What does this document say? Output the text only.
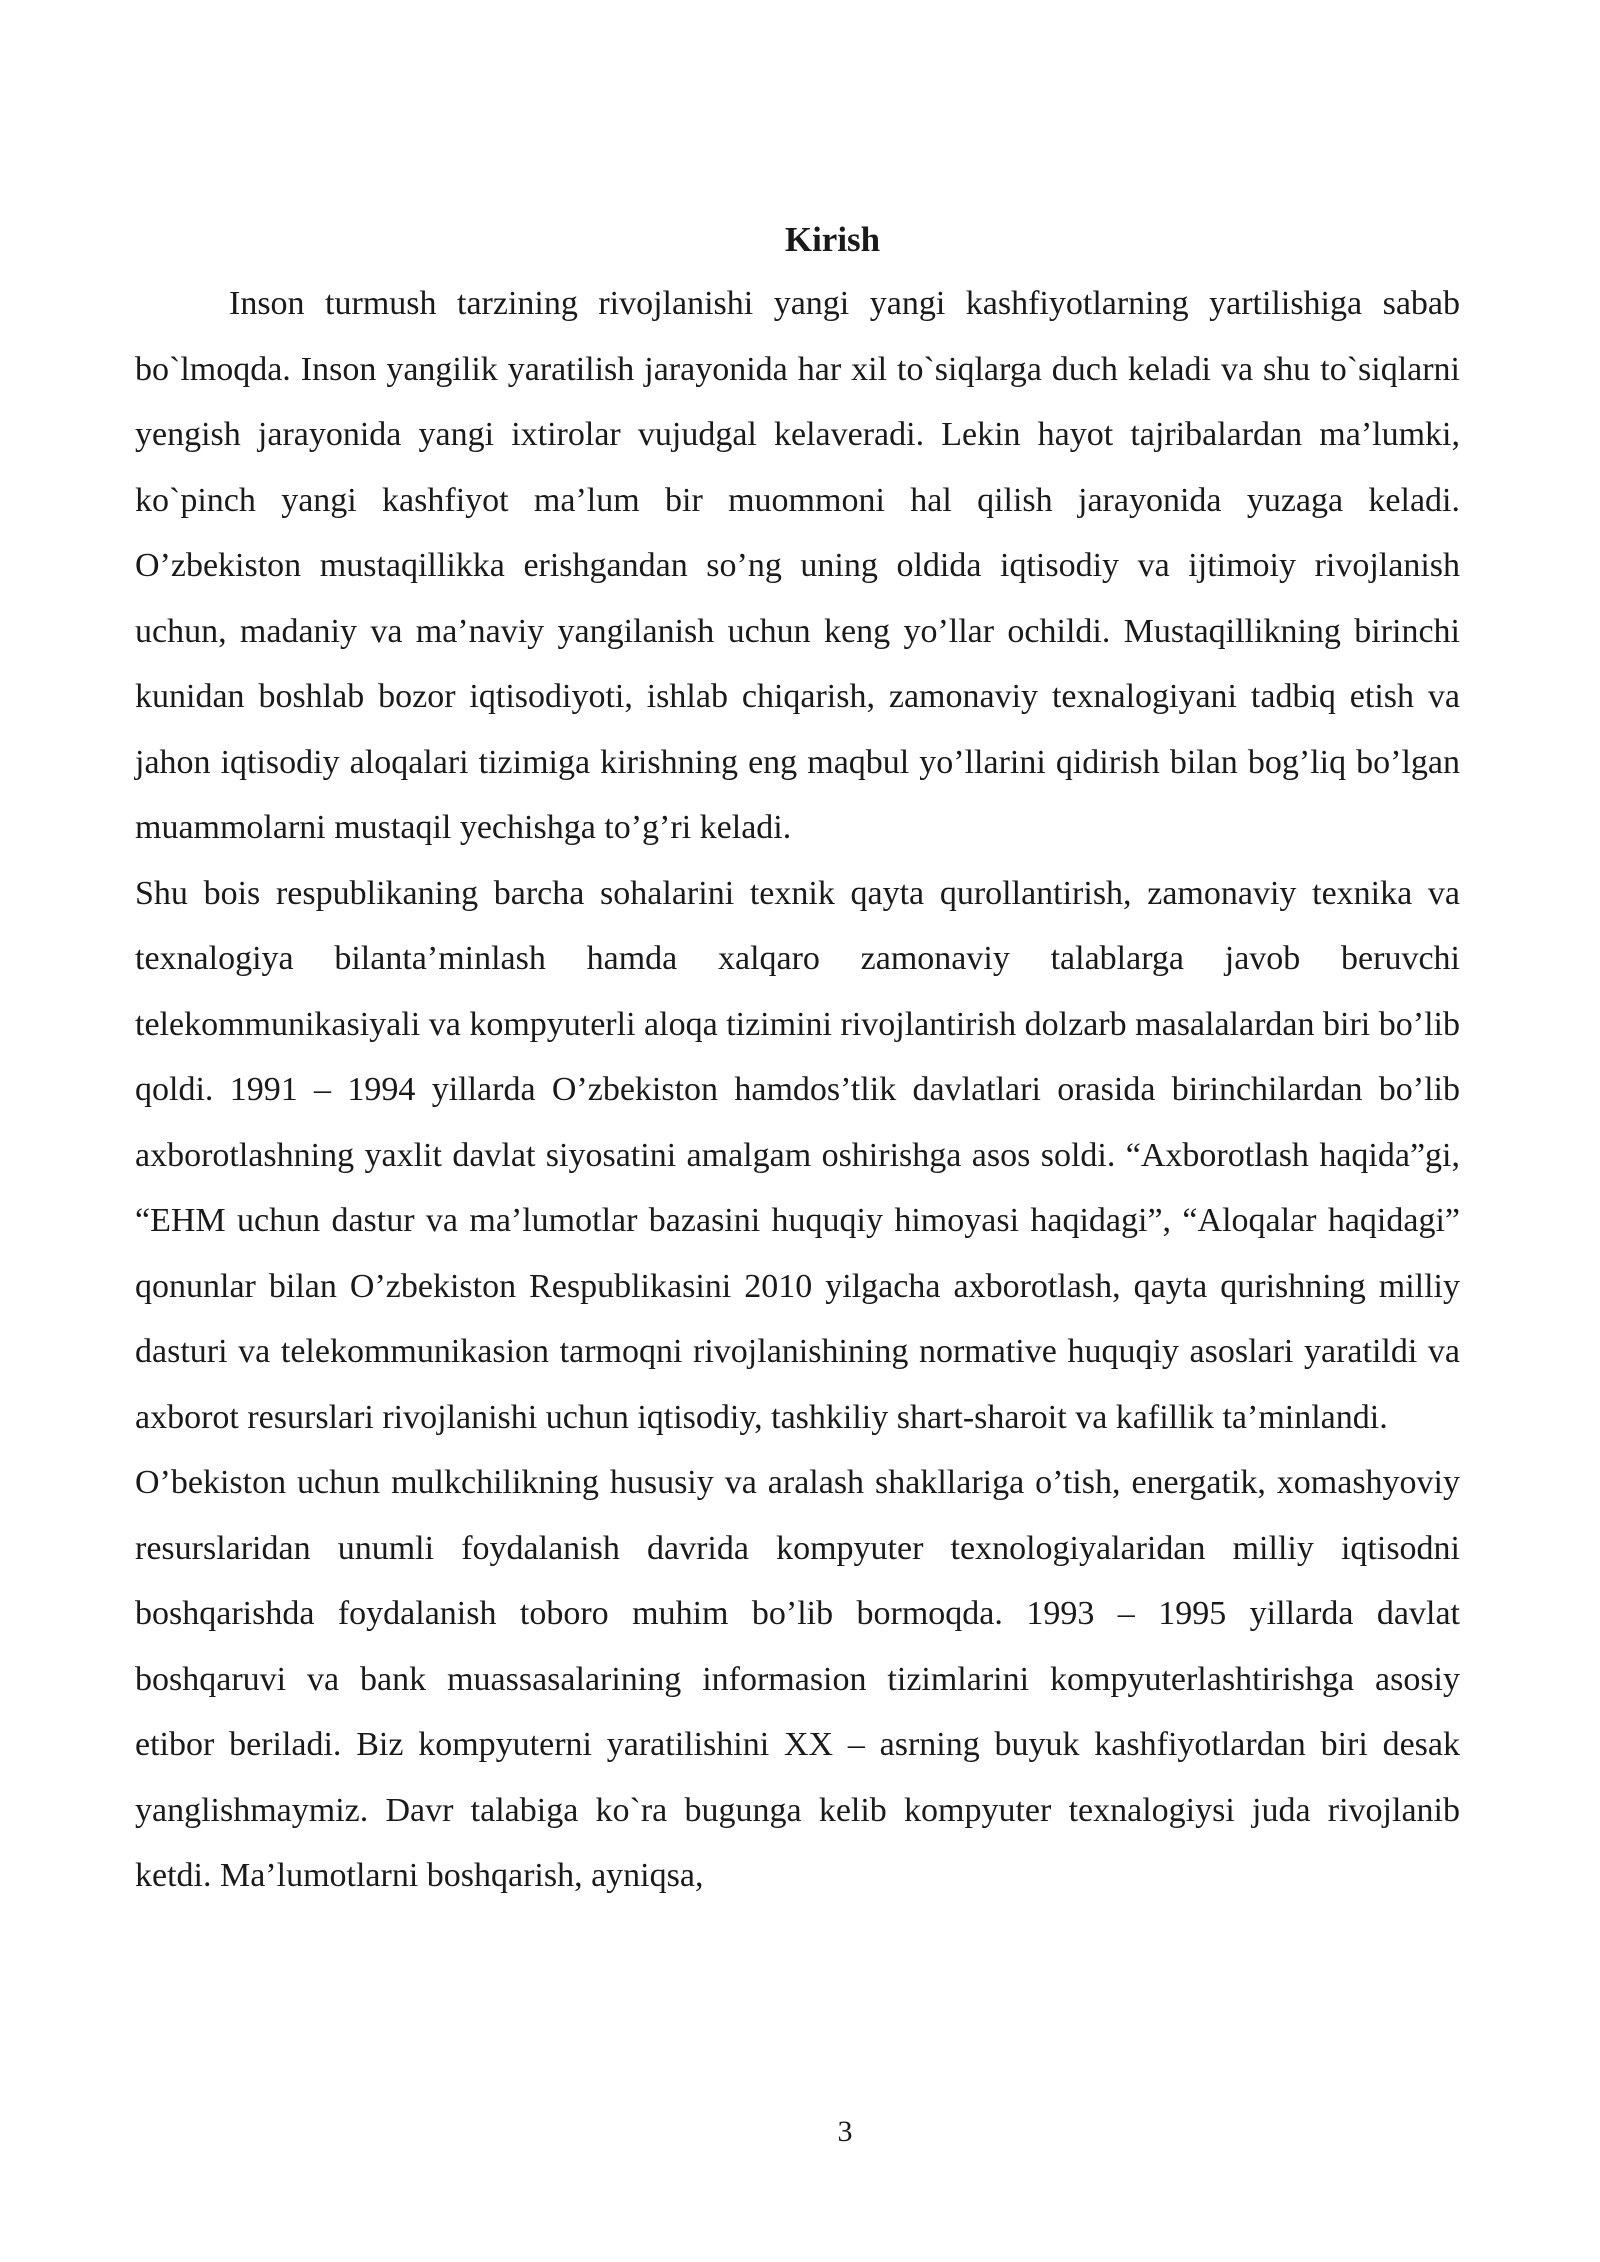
Kirish

Inson turmush tarzining rivojlanishi yangi yangi kashfiyotlarning yartilishiga sabab bo`lmoqda. Inson yangilik yaratilish jarayonida har xil to`siqlarga duch keladi va shu to`siqlarni yengish jarayonida yangi ixtirolar vujudgal kelaveradi. Lekin hayot tajribalardan ma’lumki, ko`pinch yangi kashfiyot ma’lum bir muommoni hal qilish jarayonida yuzaga keladi. O’zbekiston mustaqillikka erishgandan so’ng uning oldida iqtisodiy va ijtimoiy rivojlanish uchun, madaniy va ma’naviy yangilanish uchun keng yo’llar ochildi. Mustaqillikning birinchi kunidan boshlab bozor iqtisodiyoti, ishlab chiqarish, zamonaviy texnalogiyani tadbiq etish va jahon iqtisodiy aloqalari tizimiga kirishning eng maqbul yo’llarini qidirish bilan bog’liq bo’lgan muammolarni mustaqil yechishga to’g’ri keladi.

Shu bois respublikaning barcha sohalarini texnik qayta qurollantirish, zamonaviy texnika va texnalogiya bilanta’minlash hamda xalqaro zamonaviy talablarga javob beruvchi telekommunikasiyali va kompyuterli aloqa tizimini rivojlantirish dolzarb masalalardan biri bo’lib qoldi. 1991 – 1994 yillarda O’zbekiston hamdos’tlik davlatlari orasida birinchilardan bo’lib axborotlashning yaxlit davlat siyosatini amalgam oshirishga asos soldi. “Axborotlash haqida”gi, “EHM uchun dastur va ma’lumotlar bazasini huquqiy himoyasi haqidagi”, “Aloqalar haqidagi” qonunlar bilan O’zbekiston Respublikasini 2010 yilgacha axborotlash, qayta qurishning milliy dasturi va telekommunikasion tarmoqni rivojlanishining normative huquqiy asoslari yaratildi va axborot resurslari rivojlanishi uchun iqtisodiy, tashkiliy shart-sharoit va kafillik ta’minlandi.

O’bekiston uchun mulkchilikning hususiy va aralash shakllariga o’tish, energatik, xomashyoviy resurslaridan unumli foydalanish davrida kompyuter texnologiyalaridan milliy iqtisodni boshqarishda foydalanish toboro muhim bo’lib bormoqda. 1993 – 1995 yillarda davlat boshqaruvi va bank muassasalarining informasion tizimlarini kompyuterlashtirishga asosiy etibor beriladi. Biz kompyuterni yaratilishini XX – asrning buyuk kashfiyotlardan biri desak yanglishmaymiz. Davr talabiga ko`ra bugunga kelib kompyuter texnalogiysi juda rivojlanib ketdi. Ma’lumotlarni boshqarish, ayniqsa,

3
